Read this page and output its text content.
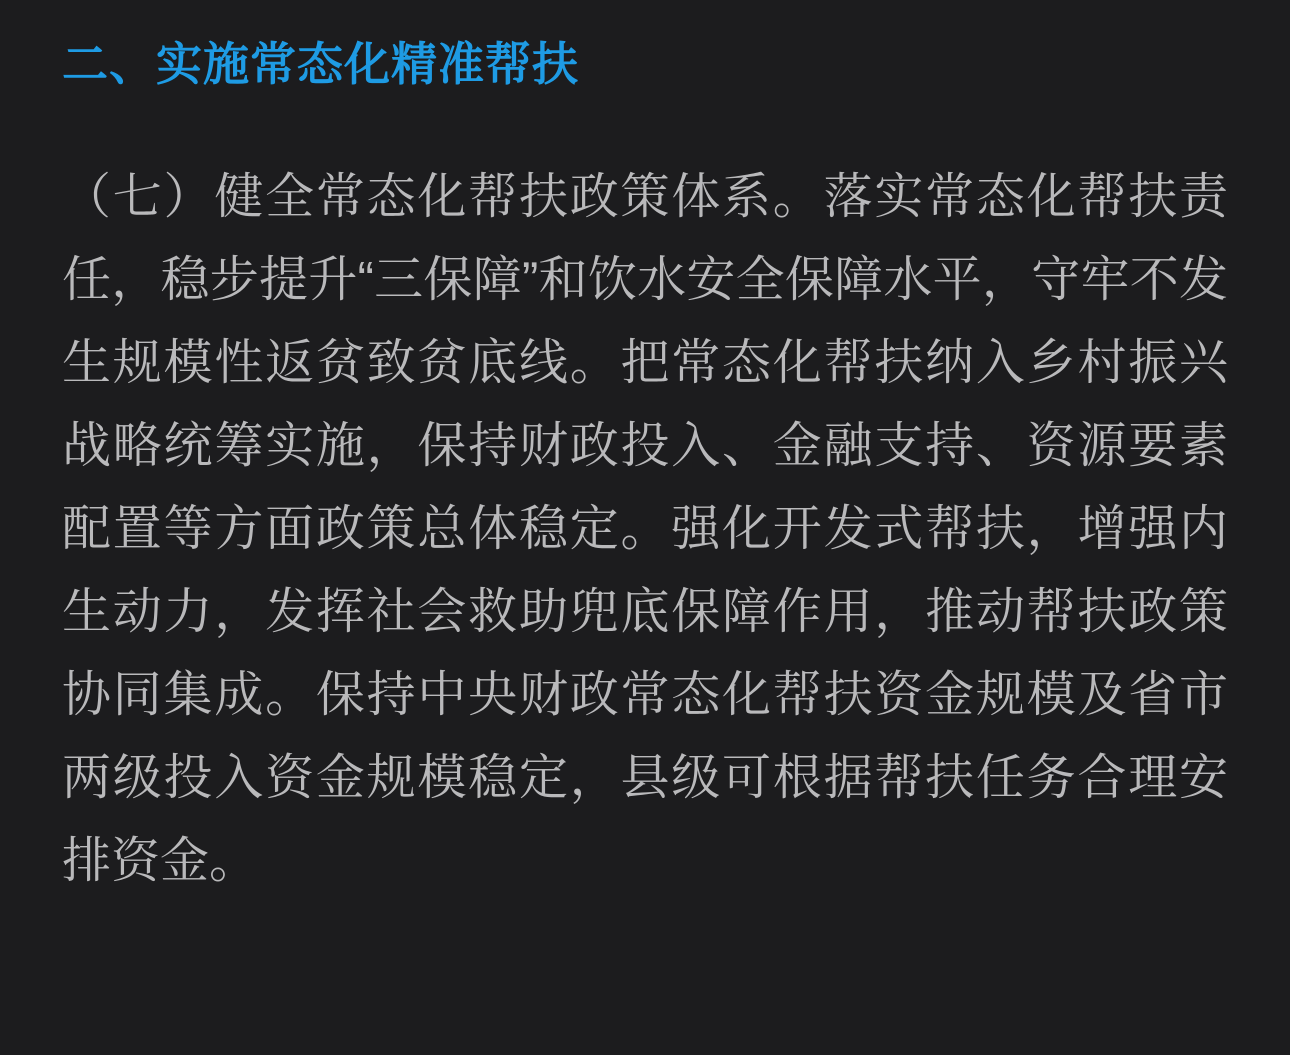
二、实施常态化精准帮扶

（七）健全常态化帮扶政策体系。落实常态化帮扶责任，稳步提升“三保障”和饮水安全保障水平，守牢不发生规模性返贫致贫底线。把常态化帮扶纳入乡村振兴战略统筹实施，保持财政投入、金融支持、资源要素配置等方面政策总体稳定。强化开发式帮扶，增强内生动力，发挥社会救助兜底保障作用，推动帮扶政策协同集成。保持中央财政常态化帮扶资金规模及省市两级投入资金规模稳定，县级可根据帮扶任务合理安排资金。
